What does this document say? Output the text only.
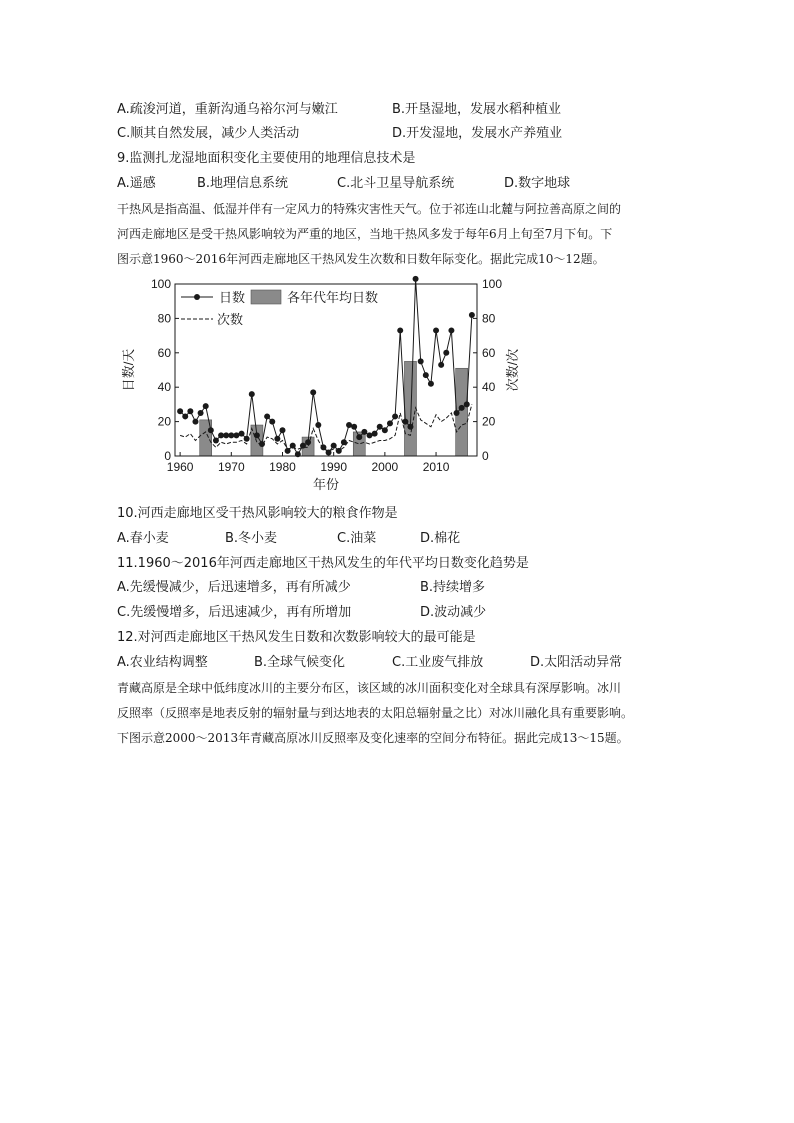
A.疏浚河道，重新沟通乌裕尔河与嫩江	B.开垦湿地，发展水稻种植业
C.顺其自然发展，减少人类活动	D.开发湿地，发展水产养殖业
9.监测扎龙湿地面积变化主要使用的地理信息技术是
A.遥感	B.地理信息系统	C.北斗卫星导航系统	D.数字地球
干热风是指高温、低湿并伴有一定风力的特殊灾害性天气。位于祁连山北麓与阿拉善高原之间的
河西走廊地区是受干热风影响较为严重的地区，当地干热风多发于每年6月上旬至7月下旬。下
图示意1960～2016年河西走廊地区干热风发生次数和日数年际变化。据此完成10～12题。
0
20
40
60
80
100
0
20
40
60
80
100
1960 1970 1980 1990 2000 2010
年份
日数/天	次数/次
日数	各年代年均日数
次数
10.河西走廊地区受干热风影响较大的粮食作物是
A.春小麦	B.冬小麦	C.油菜	D.棉花
11.1960～2016年河西走廊地区干热风发生的年代平均日数变化趋势是
A.先缓慢减少，后迅速增多，再有所减少	B.持续增多
C.先缓慢增多，后迅速减少，再有所增加	D.波动减少
12.对河西走廊地区干热风发生日数和次数影响较大的最可能是
A.农业结构调整	B.全球气候变化	C.工业废气排放	D.太阳活动异常
青藏高原是全球中低纬度冰川的主要分布区，该区域的冰川面积变化对全球具有深厚影响。冰川
反照率（反照率是地表反射的辐射量与到达地表的太阳总辐射量之比）对冰川融化具有重要影响。
下图示意2000～2013年青藏高原冰川反照率及变化速率的空间分布特征。据此完成13～15题。
